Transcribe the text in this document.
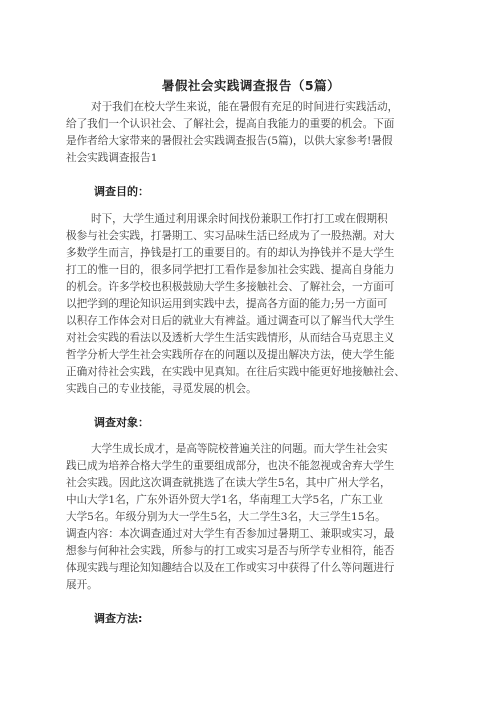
暑假社会实践调查报告（5篇）
对于我们在校大学生来说，能在暑假有充足的时间进行实践活动，
给了我们一个认识社会、了解社会，提高自我能力的重要的机会。下面
是作者给大家带来的暑假社会实践调查报告(5篇)，以供大家参考!暑假
社会实践调查报告1
调查目的：
时下，大学生通过利用课余时间找份兼职工作打打工或在假期积
极参与社会实践，打暑期工、实习品味生活已经成为了一股热潮。对大
多数学生而言，挣钱是打工的重要目的。有的却认为挣钱并不是大学生
打工的惟一目的，很多同学把打工看作是参加社会实践、提高自身能力
的机会。许多学校也积极鼓励大学生多接触社会、了解社会，一方面可
以把学到的理论知识运用到实践中去，提高各方面的能力;另一方面可
以积存工作体会对日后的就业大有裨益。通过调查可以了解当代大学生
对社会实践的看法以及透析大学生生活实践情形，从而结合马克思主义
哲学分析大学生社会实践所存在的问题以及提出解决方法，使大学生能
正确对待社会实践，在实践中见真知。在往后实践中能更好地接触社会、
实践自己的专业技能，寻觅发展的机会。
调查对象：
大学生成长成才，是高等院校普遍关注的问题。而大学生社会实
践已成为培养合格大学生的重要组成部分，也决不能忽视或舍弃大学生
社会实践。因此这次调查就挑选了在读大学生5名，其中广州大学名，
中山大学1名，广东外语外贸大学1名，华南理工大学5名，广东工业
大学5名。年级分别为大一学生5名，大二学生3名，大三学生15名。
调查内容：本次调查通过对大学生有否参加过暑期工、兼职或实习，最
想参与何种社会实践，所参与的打工或实习是否与所学专业相符，能否
体现实践与理论知知趣结合以及在工作或实习中获得了什么等问题进行
展开。
调查方法:
